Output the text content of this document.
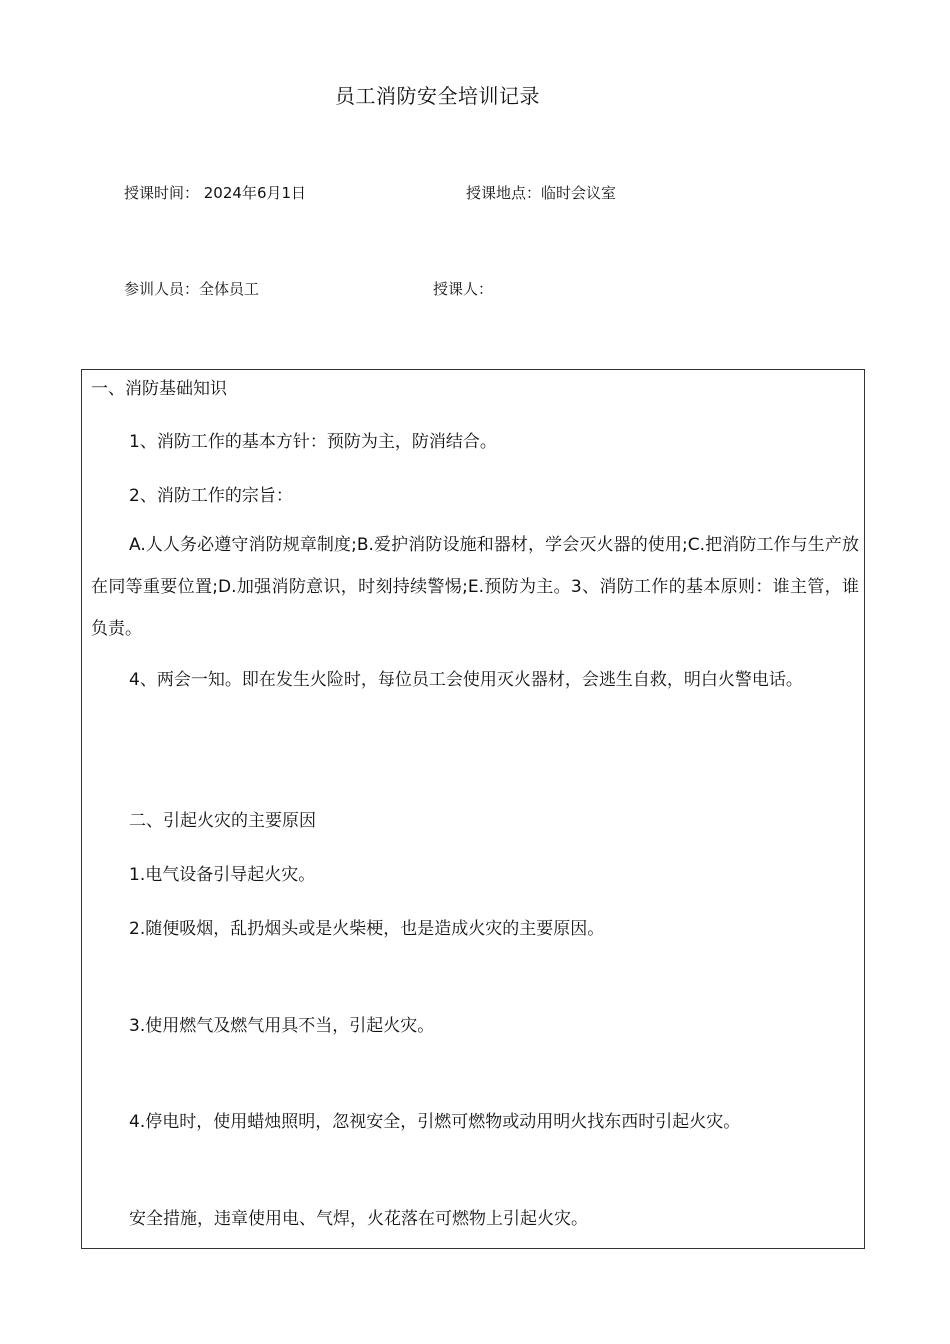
员工消防安全培训记录
授课时间： 2024年6月1日	授课地点：临时会议室
参训人员：全体员工	授课人：
一、消防基础知识
1、消防工作的基本方针：预防为主，防消结合。
2、消防工作的宗旨：
A.人人务必遵守消防规章制度;B.爱护消防设施和器材，学会灭火器的使用;C.把消防工作与生产放在同等重要位置;D.加强消防意识，时刻持续警惕;E.预防为主。3、消防工作的基本原则：谁主管，谁负责。
4、两会一知。即在发生火险时，每位员工会使用灭火器材，会逃生自救，明白火警电话。
二、引起火灾的主要原因
1.电气设备引导起火灾。
2.随便吸烟，乱扔烟头或是火柴梗，也是造成火灾的主要原因。
3.使用燃气及燃气用具不当，引起火灾。
4.停电时，使用蜡烛照明，忽视安全，引燃可燃物或动用明火找东西时引起火灾。
安全措施，违章使用电、气焊，火花落在可燃物上引起火灾。
